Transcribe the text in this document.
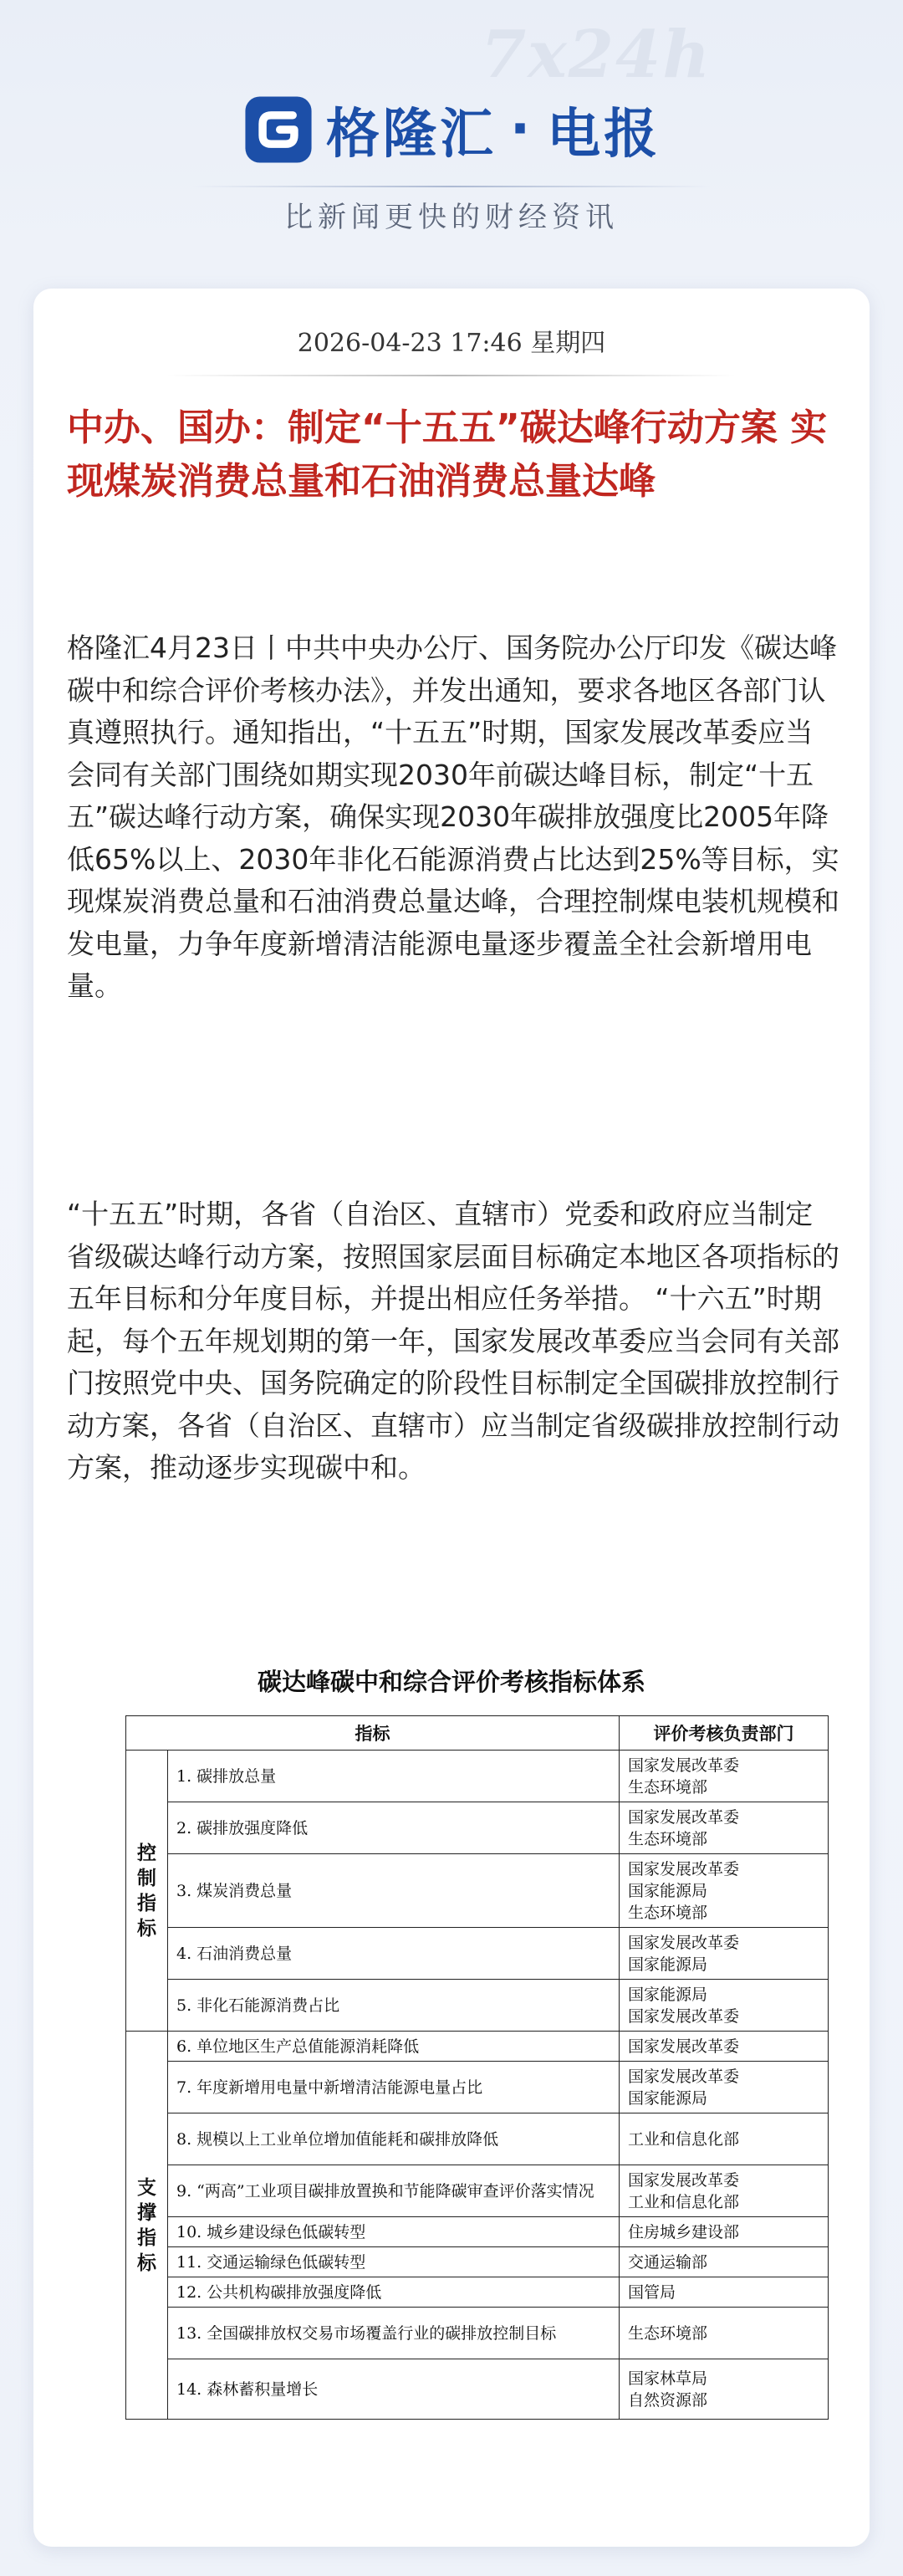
7x24h
格隆汇 · 电报
比新闻更快的财经资讯
2026-04-23 17:46 星期四
中办、国办：制定“十五五”碳达峰行动方案 实现煤炭消费总量和石油消费总量达峰

格隆汇4月23日丨中共中央办公厅、国务院办公厅印发《碳达峰碳中和综合评价考核办法》，并发出通知，要求各地区各部门认真遵照执行。通知指出，“十五五”时期，国家发展改革委应当会同有关部门围绕如期实现2030年前碳达峰目标，制定“十五五”碳达峰行动方案，确保实现2030年碳排放强度比2005年降低65%以上、2030年非化石能源消费占比达到25%等目标，实现煤炭消费总量和石油消费总量达峰，合理控制煤电装机规模和发电量，力争年度新增清洁能源电量逐步覆盖全社会新增用电量。

“十五五”时期，各省（自治区、直辖市）党委和政府应当制定省级碳达峰行动方案，按照国家层面目标确定本地区各项指标的五年目标和分年度目标，并提出相应任务举措。 “十六五”时期起，每个五年规划期的第一年，国家发展改革委应当会同有关部门按照党中央、国务院确定的阶段性目标制定全国碳排放控制行动方案，各省（自治区、直辖市）应当制定省级碳排放控制行动方案，推动逐步实现碳中和。

碳达峰碳中和综合评价考核指标体系
指标		评价考核负责部门
控制指标	1. 碳排放总量	国家发展改革委
生态环境部
	2. 碳排放强度降低	国家发展改革委
生态环境部
	3. 煤炭消费总量	国家发展改革委
国家能源局
生态环境部
	4. 石油消费总量	国家发展改革委
国家能源局
	5. 非化石能源消费占比	国家能源局
国家发展改革委
支撑指标	6. 单位地区生产总值能源消耗降低	国家发展改革委
	7. 年度新增用电量中新增清洁能源电量占比	国家发展改革委
国家能源局
	8. 规模以上工业单位增加值能耗和碳排放降低	工业和信息化部
	9. “两高”工业项目碳排放置换和节能降碳审查评价落实情况	国家发展改革委
工业和信息化部
	10. 城乡建设绿色低碳转型	住房城乡建设部
	11. 交通运输绿色低碳转型	交通运输部
	12. 公共机构碳排放强度降低	国管局
	13. 全国碳排放权交易市场覆盖行业的碳排放控制目标	生态环境部
	14. 森林蓄积量增长	国家林草局
自然资源部
